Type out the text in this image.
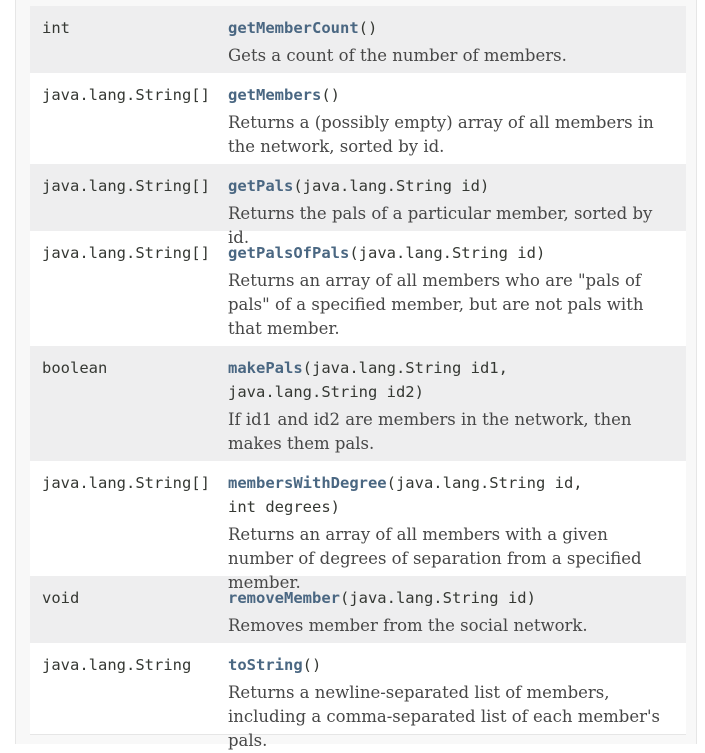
int	getMemberCount()
Gets a count of the number of members.
java.lang.String[]	getMembers()
Returns a (possibly empty) array of all members in the network, sorted by id.
java.lang.String[]	getPals(java.lang.String id)
Returns the pals of a particular member, sorted by id.
java.lang.String[]	getPalsOfPals(java.lang.String id)
Returns an array of all members who are "pals of pals" of a specified member, but are not pals with that member.
boolean	makePals(java.lang.String id1,
java.lang.String id2)
If id1 and id2 are members in the network, then makes them pals.
java.lang.String[]	membersWithDegree(java.lang.String id,
int degrees)
Returns an array of all members with a given number of degrees of separation from a specified member.
void	removeMember(java.lang.String id)
Removes member from the social network.
java.lang.String	toString()
Returns a newline-separated list of members, including a comma-separated list of each member's pals.
